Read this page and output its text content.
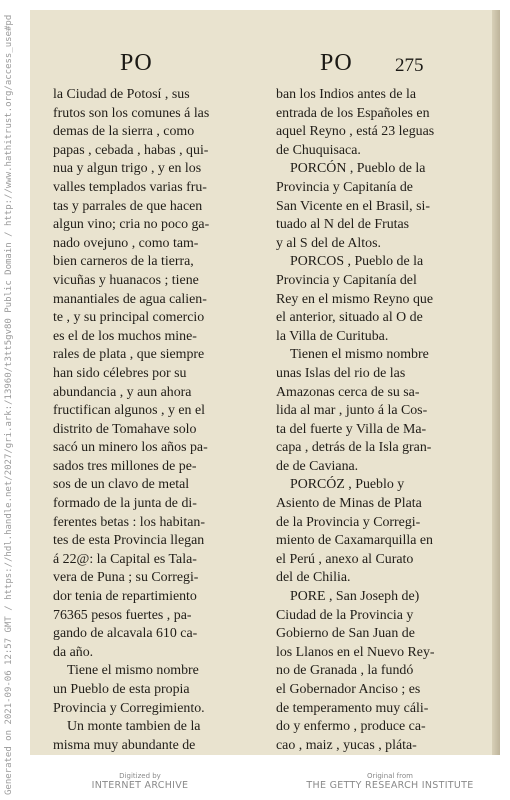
PO	PO 275
la Ciudad de Potosí , sus
frutos son los comunes á las
demas de la sierra , como
papas , cebada , habas , qui-
nua y algun trigo , y en los
valles templados varias fru-
tas y parrales de que hacen
algun vino; cria no poco ga-
nado ovejuno , como tam-
bien carneros de la tierra,
vicuñas y huanacos ; tiene
manantiales de agua calien-
te , y su principal comercio
es el de los muchos mine-
rales de plata , que siempre
han sido célebres por su
abundancia , y aun ahora
fructifican algunos , y en el
distrito de Tomahave solo
sacó un minero los años pa-
sados tres millones de pe-
sos de un clavo de metal
formado de la junta de di-
ferentes betas : los habitan-
tes de esta Provincia llegan
á 22@: la Capital es Tala-
vera de Puna ; su Corregi-
dor tenia de repartimiento
76365 pesos fuertes , pa-
gando de alcavala 610 ca-
da año.
Tiene el mismo nombre
un Pueblo de esta propia
Provincia y Corregimiento.
Un monte tambien de la
misma muy abundante de
ban los Indios antes de la
entrada de los Españoles en
aquel Reyno , está 23 leguas
de Chuquisaca.
PORCÓN , Pueblo de la
Provincia y Capitanía de
San Vicente en el Brasil, si-
tuado al N del de Frutas
y al S del de Altos.
PORCOS , Pueblo de la
Provincia y Capitanía del
Rey en el mismo Reyno que
el anterior, situado al O de
la Villa de Curituba.
Tienen el mismo nombre
unas Islas del rio de las
Amazonas cerca de su sa-
lida al mar , junto á la Cos-
ta del fuerte y Villa de Ma-
capa , detrás de la Isla gran-
de de Caviana.
PORCÓZ , Pueblo y
Asiento de Minas de Plata
de la Provincia y Corregi-
miento de Caxamarquilla en
el Perú , anexo al Curato
del de Chilia.
PORE , San Joseph de)
Ciudad de la Provincia y
Gobierno de San Juan de
los Llanos en el Nuevo Rey-
no de Granada , la fundó
el Gobernador Anciso ; es
de temperamento muy cáli-
do y enfermo , produce ca-
cao , maiz , yucas , pláta-
Generated on 2021-09-06 12:57 GMT / https://hdl.handle.net/2027/gri.ark:/13960/t3tt5gv80 Public Domain / http://www.hathitrust.org/access_use#pd	Digitized by
INTERNET ARCHIVE
Original from
THE GETTY RESEARCH INSTITUTE
